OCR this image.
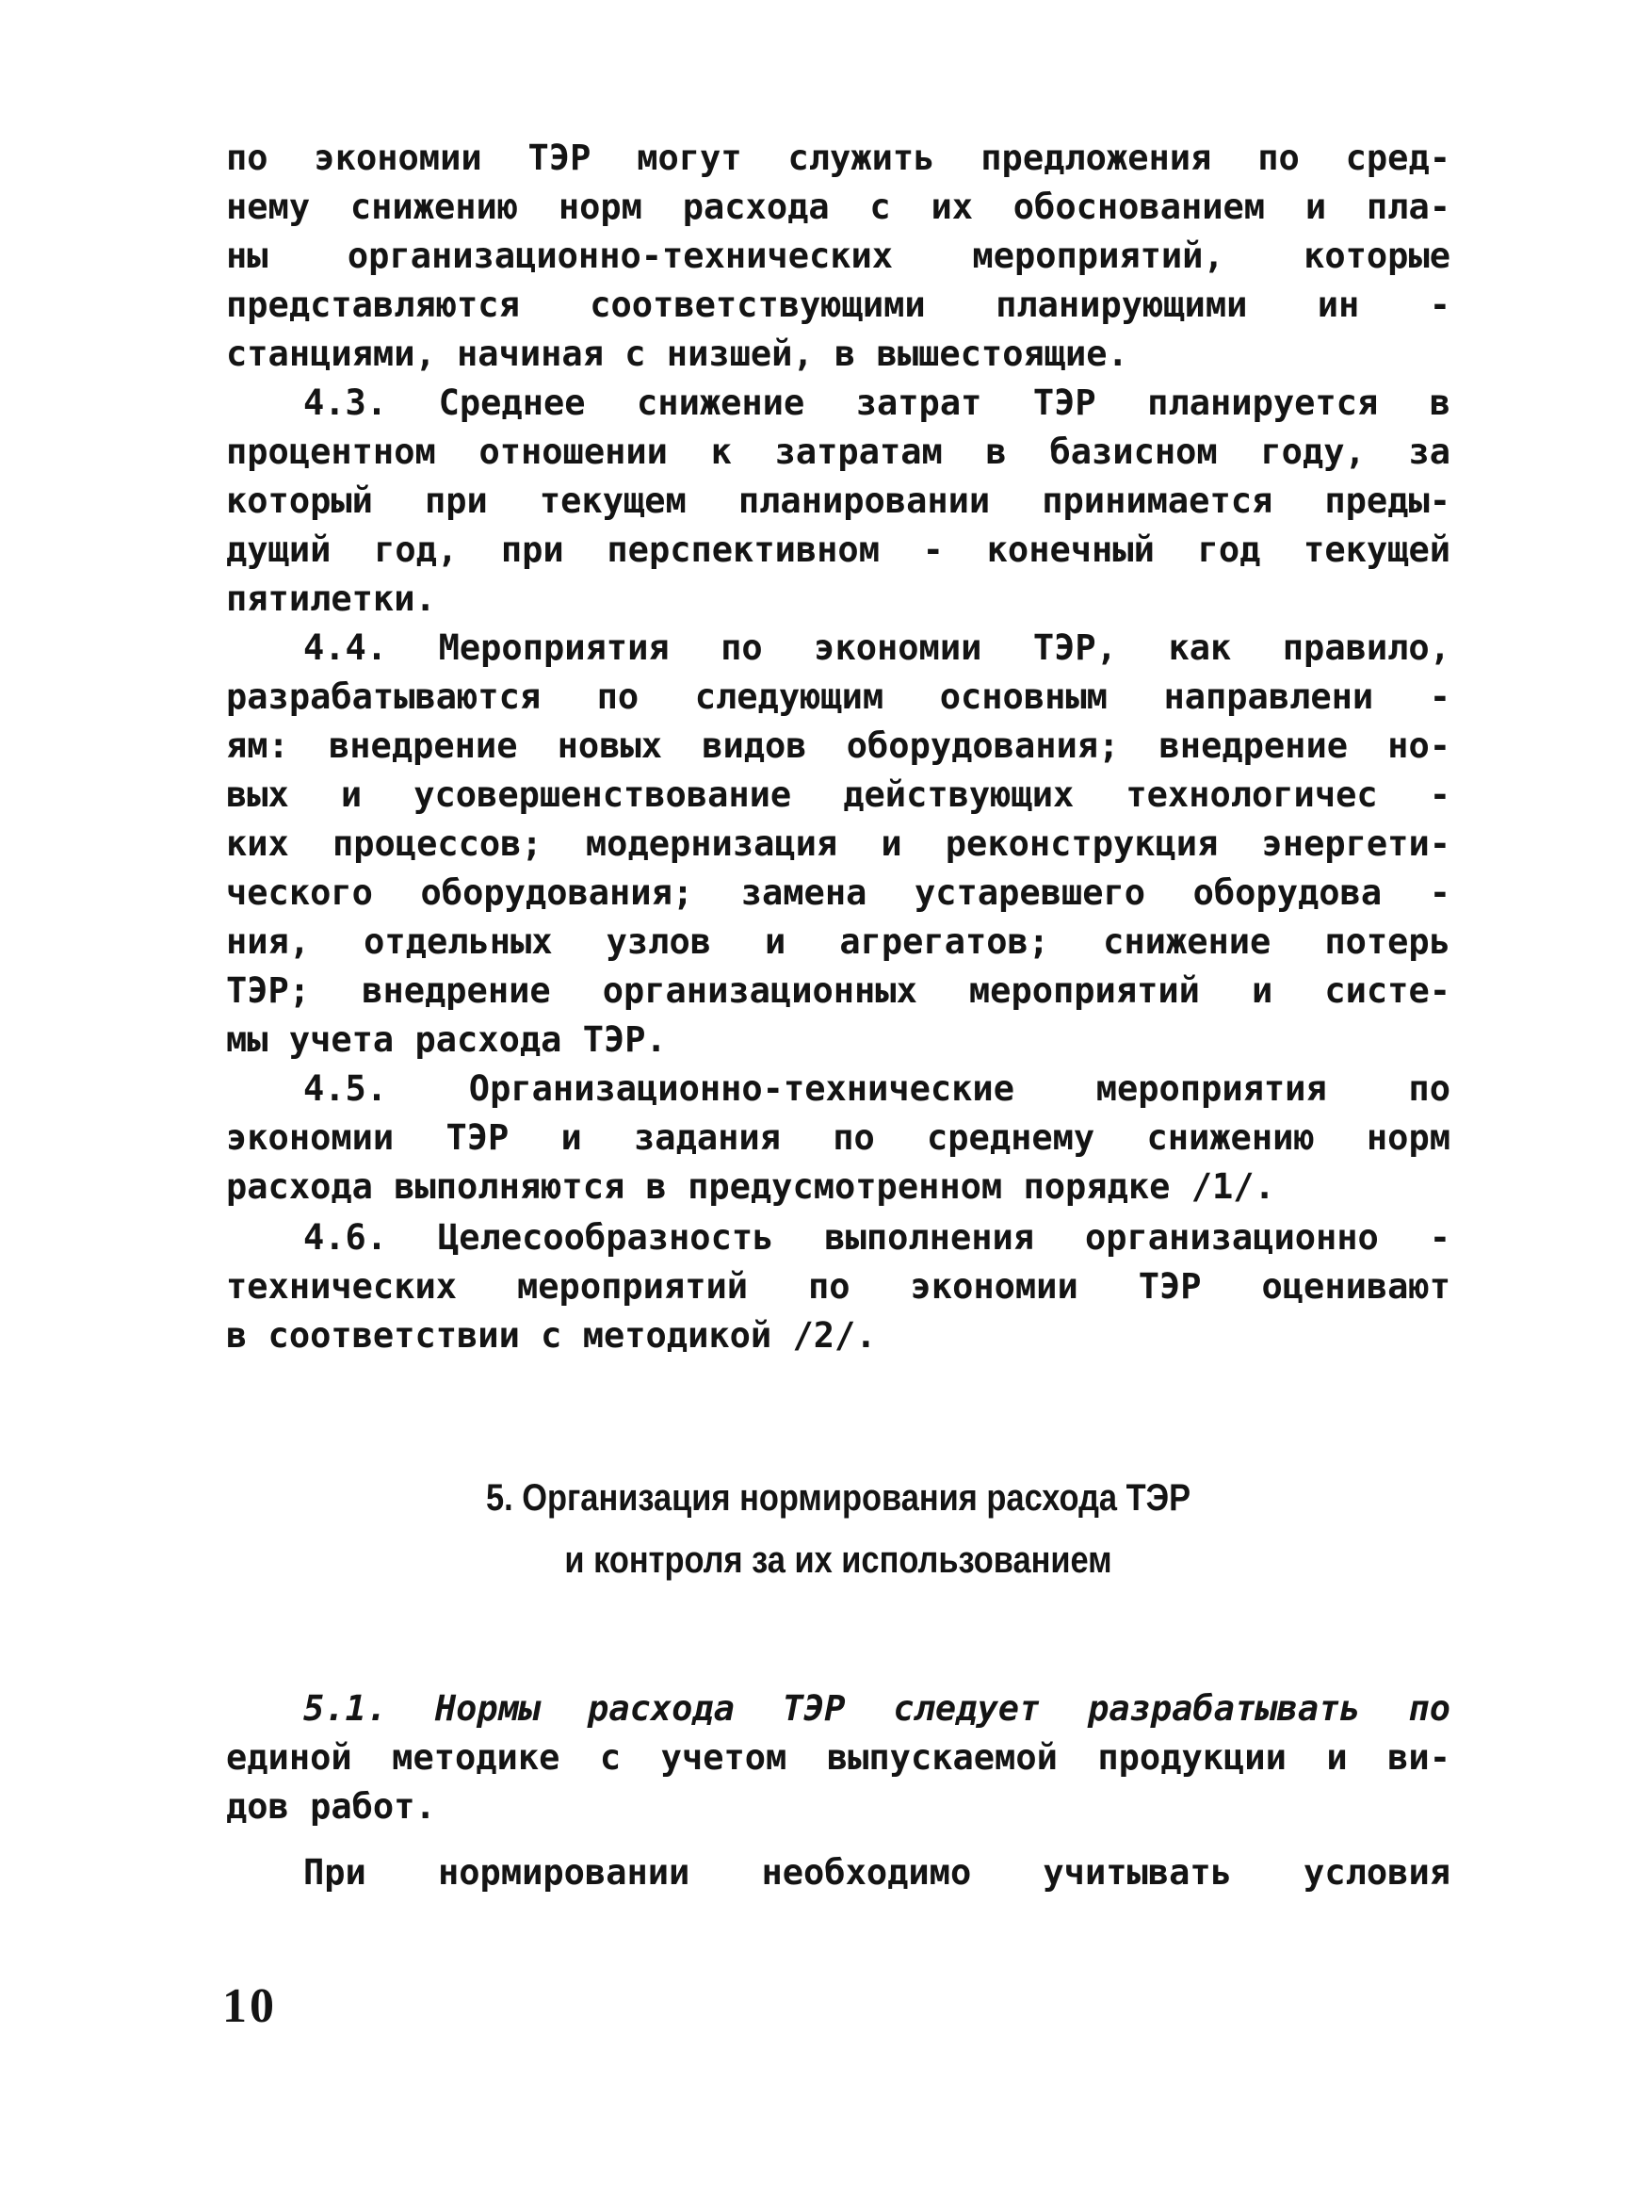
по экономии ТЭР могут служить предложения по сред-
нему снижению норм расхода с их обоснованием и пла-
ны организационно-технических мероприятий, которые
представляются соответствующими планирующими ин -
станциями, начиная с низшей, в вышестоящие.
4.3. Среднее снижение затрат ТЭР планируется в
процентном отношении к затратам в базисном году, за
который при текущем планировании принимается преды-
дущий год, при перспективном - конечный год текущей
пятилетки.
4.4. Мероприятия по экономии ТЭР, как правило,
разрабатываются по следующим основным направлени -
ям: внедрение новых видов оборудования; внедрение но-
вых и усовершенствование действующих технологичес -
ких процессов; модернизация и реконструкция энергети-
ческого оборудования; замена устаревшего оборудова -
ния, отдельных узлов и агрегатов; снижение потерь
ТЭР; внедрение организационных мероприятий и систе-
мы учета расхода ТЭР.
4.5. Организационно-технические мероприятия по
экономии ТЭР и задания по среднему снижению норм
расхода выполняются в предусмотренном порядке /1/.
4.6. Целесообразность выполнения организационно -
технических мероприятий по экономии ТЭР оценивают
в соответствии с методикой /2/.
5. Организация нормирования расхода ТЭР
и контроля за их использованием
5.1. Нормы расхода ТЭР следует разрабатывать по
единой методике с учетом выпускаемой продукции и ви-
дов работ.
При нормировании необходимо учитывать условия
10
